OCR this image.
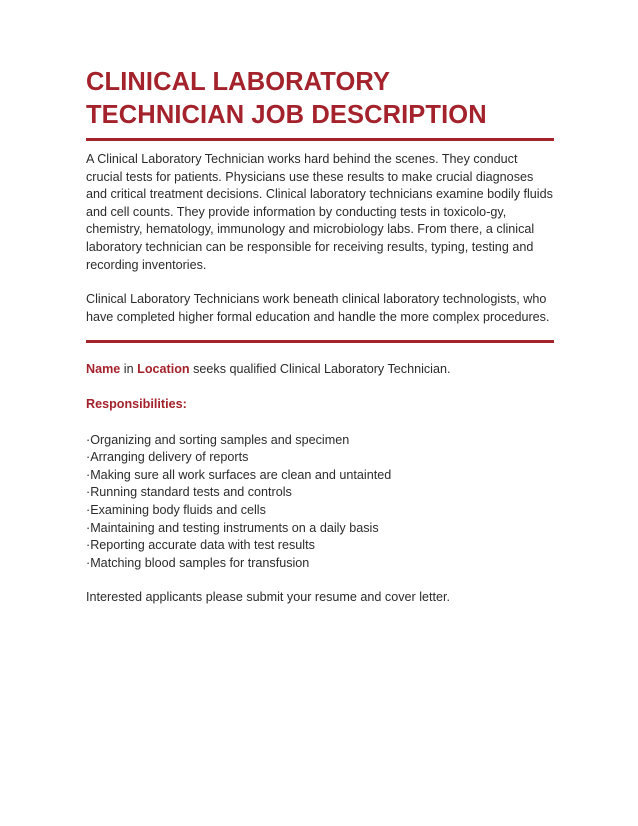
CLINICAL LABORATORY
TECHNICIAN JOB DESCRIPTION

A Clinical Laboratory Technician works hard behind the scenes. They conduct crucial tests for patients. Physicians use these results to make crucial diagnoses and critical treatment decisions. Clinical laboratory technicians examine bodily fluids and cell counts. They provide information by conducting tests in toxicolo-gy, chemistry, hematology, immunology and microbiology labs. From there, a clinical laboratory technician can be responsible for receiving results, typing, testing and recording inventories.

Clinical Laboratory Technicians work beneath clinical laboratory technologists, who have completed higher formal education and handle the more complex procedures.

Name in Location seeks qualified Clinical Laboratory Technician.

Responsibilities:
·Organizing and sorting samples and specimen
·Arranging delivery of reports
·Making sure all work surfaces are clean and untainted
·Running standard tests and controls
·Examining body fluids and cells
·Maintaining and testing instruments on a daily basis
·Reporting accurate data with test results
·Matching blood samples for transfusion

Interested applicants please submit your resume and cover letter.
